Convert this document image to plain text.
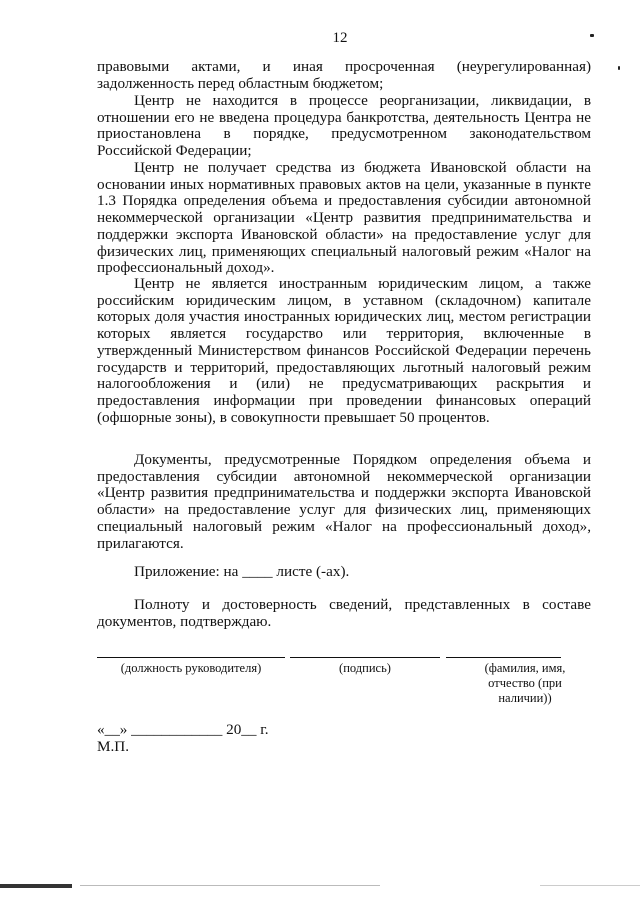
12
правовыми актами, и иная просроченная (неурегулированная)
задолженность перед областным бюджетом;
Центр не находится в процессе реорганизации, ликвидации, в
отношении его не введена процедура банкротства, деятельность Центра не
приостановлена в порядке, предусмотренном законодательством
Российской Федерации;
Центр не получает средства из бюджета Ивановской области на
основании иных нормативных правовых актов на цели, указанные в пункте
1.3 Порядка определения объема и предоставления субсидии автономной
некоммерческой организации «Центр развития предпринимательства и
поддержки экспорта Ивановской области» на предоставление услуг для
физических лиц, применяющих специальный налоговый режим «Налог на
профессиональный доход».
Центр не является иностранным юридическим лицом, а также
российским юридическим лицом, в уставном (складочном) капитале
которых доля участия иностранных юридических лиц, местом регистрации
которых является государство или территория, включенные в
утвержденный Министерством финансов Российской Федерации перечень
государств и территорий, предоставляющих льготный налоговый режим
налогообложения и (или) не предусматривающих раскрытия и
предоставления информации при проведении финансовых операций
(офшорные зоны), в совокупности превышает 50 процентов.
Документы, предусмотренные Порядком определения объема и
предоставления субсидии автономной некоммерческой организации
«Центр развития предпринимательства и поддержки экспорта Ивановской
области» на предоставление услуг для физических лиц, применяющих
специальный налоговый режим «Налог на профессиональный доход»,
прилагаются.
Приложение: на ____ листе (-ах).
Полноту и достоверность сведений, представленных в составе
документов, подтверждаю.
(должность руководителя)	(подпись)	(фамилия, имя,
отчество (при
наличии))
«__» ____________ 20__ г.
М.П.
